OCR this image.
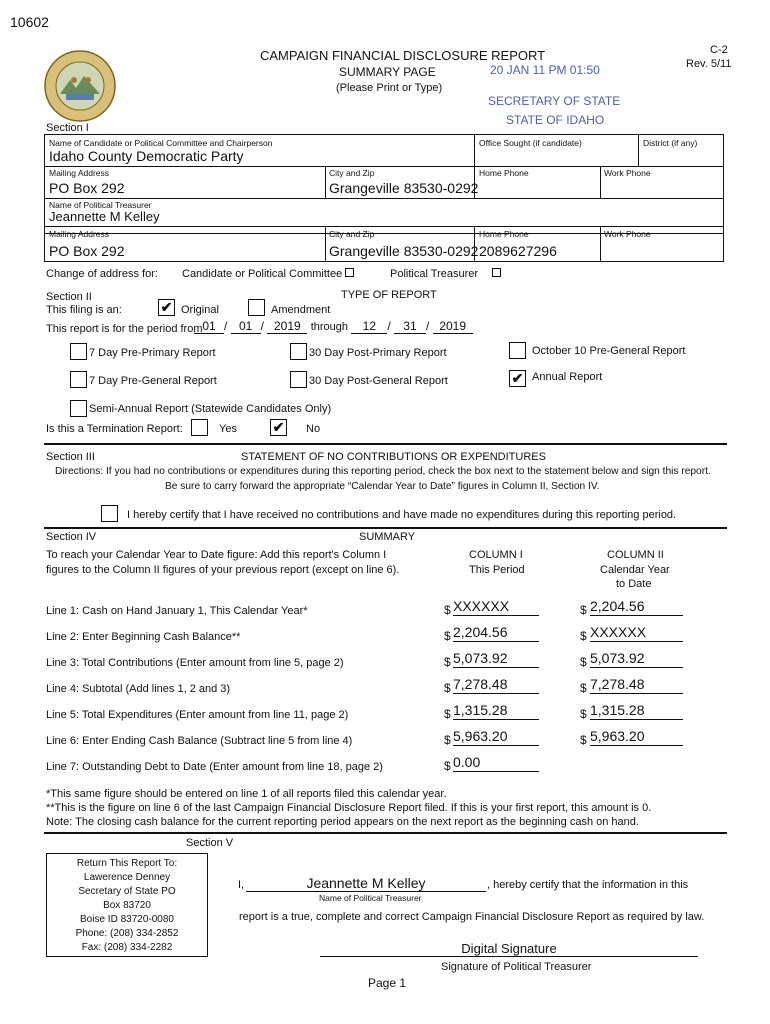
10602
C-2
Rev. 5/11
CAMPAIGN FINANCIAL DISCLOSURE REPORT
SUMMARY PAGE
(Please Print or Type)
20 JAN 11 PM 01:50
SECRETARY OF STATE
STATE OF IDAHO
Section I
Name of Candidate or Political Committee and Chairperson
Idaho County Democratic Party
Office Sought (if candidate)	District (if any)
Mailing Address
PO Box 292
City and Zip
Grangeville 83530-0292
Home Phone	Work Phone
Name of Political Treasurer
Jeannette M Kelley
Mailing Address
PO Box 292
City and Zip
Grangeville 83530-0292
Home Phone
2089627296
Work Phone
Change of address for: Candidate or Political Committee	Political Treasurer
Section II	TYPE OF REPORT
This filing is an:	✔ Original	Amendment
This report is for the period from 01 / 01 / 2019 through 12 / 31 / 2019
7 Day Pre-Primary Report	30 Day Post-Primary Report	October 10 Pre-General Report
7 Day Pre-General Report	30 Day Post-General Report	✔ Annual Report
Semi-Annual Report (Statewide Candidates Only)
Is this a Termination Report:	Yes	✔ No
Section III	STATEMENT OF NO CONTRIBUTIONS OR EXPENDITURES
Directions: If you had no contributions or expenditures during this reporting period, check the box next to the statement below and sign this report.
Be sure to carry forward the appropriate “Calendar Year to Date” figures in Column II, Section IV.
I hereby certify that I have received no contributions and have made no expenditures during this reporting period.
Section IV	SUMMARY
To reach your Calendar Year to Date figure: Add this report's Column I
figures to the Column II figures of your previous report (except on line 6).
COLUMN I
This Period
COLUMN II
Calendar Year
to Date
Line 1: Cash on Hand January 1, This Calendar Year*	$ XXXXXX	$ 2,204.56
Line 2: Enter Beginning Cash Balance**	$ 2,204.56	$ XXXXXX
Line 3: Total Contributions (Enter amount from line 5, page 2)	$ 5,073.92	$ 5,073.92
Line 4: Subtotal (Add lines 1, 2 and 3)	$ 7,278.48	$ 7,278.48
Line 5: Total Expenditures (Enter amount from line 11, page 2)	$ 1,315.28	$ 1,315.28
Line 6: Enter Ending Cash Balance (Subtract line 5 from line 4)	$ 5,963.20	$ 5,963.20
Line 7: Outstanding Debt to Date (Enter amount from line 18, page 2)	$ 0.00
*This same figure should be entered on line 1 of all reports filed this calendar year.
**This is the figure on line 6 of the last Campaign Financial Disclosure Report filed. If this is your first report, this amount is 0.
Note: The closing cash balance for the current reporting period appears on the next report as the beginning cash on hand.
Section V
Return This Report To:
Lawerence Denney
Secretary of State PO
Box 83720
Boise ID 83720-0080
Phone: (208) 334-2852
Fax: (208) 334-2282
I,	Jeannette M Kelley	, hereby certify that the information in this
Name of Political Treasurer
report is a true, complete and correct Campaign Financial Disclosure Report as required by law.
Digital Signature
Signature of Political Treasurer
Page 1
